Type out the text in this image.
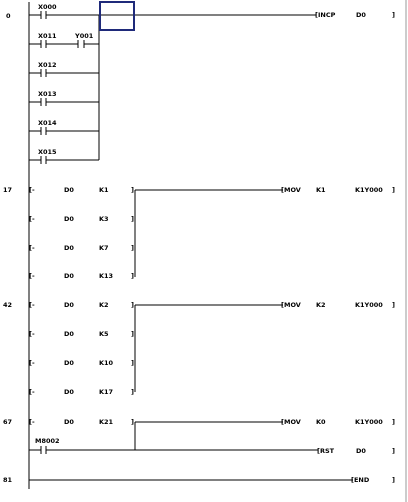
0
X000
X011	Y001
X012
X013
X014
X015
[INCP	D0	]
17	[-	D0	K1	]
[-	D0	K3	]
[-	D0	K7	]
[-	D0	K13	]
[MOV K1	K1Y000 ]
42	[-	D0	K2	]
[-	D0	K5	]
[-	D0	K10	]
[-	D0	K17	]
[MOV K2	K1Y000 ]
67	[-	D0	K21	]	[MOV K0	K1Y000 ]
M8002
[RST	D0	]
81	[END	]
